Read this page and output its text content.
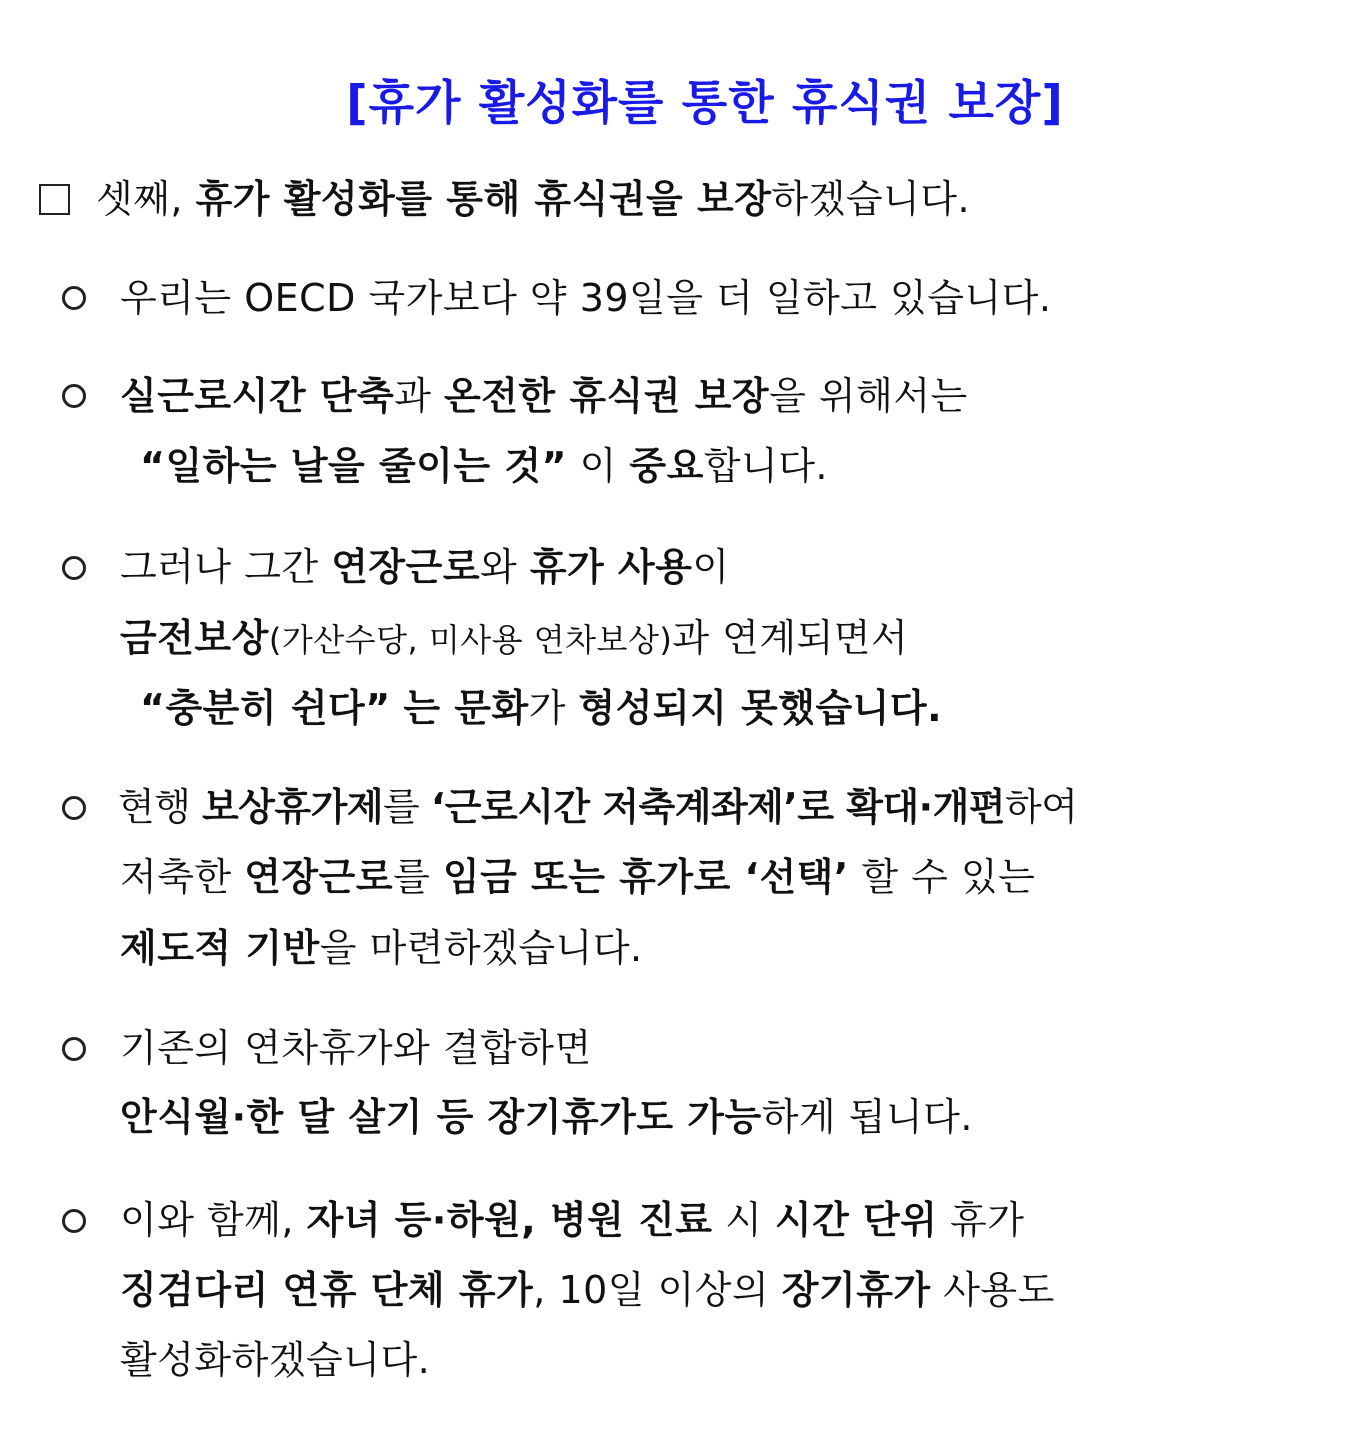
[휴가 활성화를 통한 휴식권 보장]
셋째, 휴가 활성화를 통해 휴식권을 보장하겠습니다.
우리는 OECD 국가보다 약 39일을 더 일하고 있습니다.
실근로시간 단축과 온전한 휴식권 보장을 위해서는
“일하는 날을 줄이는 것” 이 중요합니다.
그러나 그간 연장근로와 휴가 사용이
금전보상(가산수당, 미사용 연차보상)과 연계되면서
“충분히 쉰다” 는 문화가 형성되지 못했습니다.
현행 보상휴가제를 ‘근로시간 저축계좌제’로 확대·개편하여
저축한 연장근로를 임금 또는 휴가로 ‘선택’ 할 수 있는
제도적 기반을 마련하겠습니다.
기존의 연차휴가와 결합하면
안식월·한 달 살기 등 장기휴가도 가능하게 됩니다.
이와 함께, 자녀 등·하원, 병원 진료 시 시간 단위 휴가
징검다리 연휴 단체 휴가, 10일 이상의 장기휴가 사용도
활성화하겠습니다.
